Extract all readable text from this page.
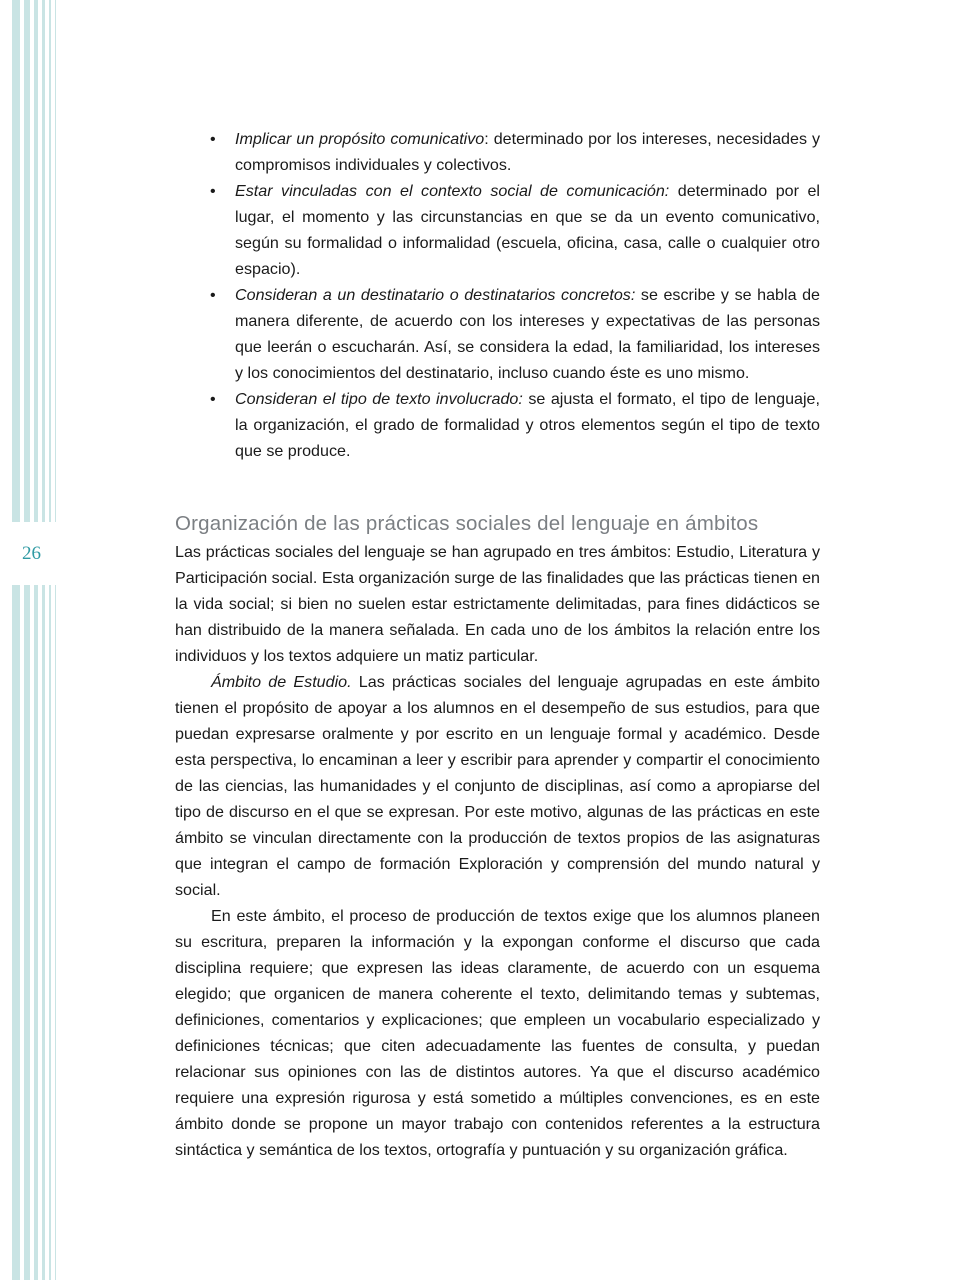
26
• Implicar un propósito comunicativo: determinado por los intereses, necesidades y compromisos individuales y colectivos.
• Estar vinculadas con el contexto social de comunicación: determinado por el lugar, el momento y las circunstancias en que se da un evento comunicativo, según su formalidad o informalidad (escuela, oficina, casa, calle o cualquier otro espacio).
• Consideran a un destinatario o destinatarios concretos: se escribe y se habla de manera diferente, de acuerdo con los intereses y expectativas de las personas que leerán o escucharán. Así, se considera la edad, la familiaridad, los intereses y los conocimientos del destinatario, incluso cuando éste es uno mismo.
• Consideran el tipo de texto involucrado: se ajusta el formato, el tipo de lenguaje, la organización, el grado de formalidad y otros elementos según el tipo de texto que se produce.
Organización de las prácticas sociales del lenguaje en ámbitos

Las prácticas sociales del lenguaje se han agrupado en tres ámbitos: Estudio, Literatura y Participación social. Esta organización surge de las finalidades que las prácticas tienen en la vida social; si bien no suelen estar estrictamente delimitadas, para fines didácticos se han distribuido de la manera señalada. En cada uno de los ámbitos la relación entre los individuos y los textos adquiere un matiz particular.

Ámbito de Estudio. Las prácticas sociales del lenguaje agrupadas en este ámbito tienen el propósito de apoyar a los alumnos en el desempeño de sus estudios, para que puedan expresarse oralmente y por escrito en un lenguaje formal y académico. Desde esta perspectiva, lo encaminan a leer y escribir para aprender y compartir el conocimiento de las ciencias, las humanidades y el conjunto de disciplinas, así como a apropiarse del tipo de discurso en el que se expresan. Por este motivo, algunas de las prácticas en este ámbito se vinculan directamente con la producción de textos propios de las asignaturas que integran el campo de formación Exploración y comprensión del mundo natural y social.

En este ámbito, el proceso de producción de textos exige que los alumnos planeen su escritura, preparen la información y la expongan conforme el discurso que cada disciplina requiere; que expresen las ideas claramente, de acuerdo con un esquema elegido; que organicen de manera coherente el texto, delimitando temas y subtemas, definiciones, comentarios y explicaciones; que empleen un vocabulario especializado y definiciones técnicas; que citen adecuadamente las fuentes de consulta, y puedan relacionar sus opiniones con las de distintos autores. Ya que el discurso académico requiere una expresión rigurosa y está sometido a múltiples convenciones, es en este ámbito donde se propone un mayor trabajo con contenidos referentes a la estructura sintáctica y semántica de los textos, ortografía y puntuación y su organización gráfica.
